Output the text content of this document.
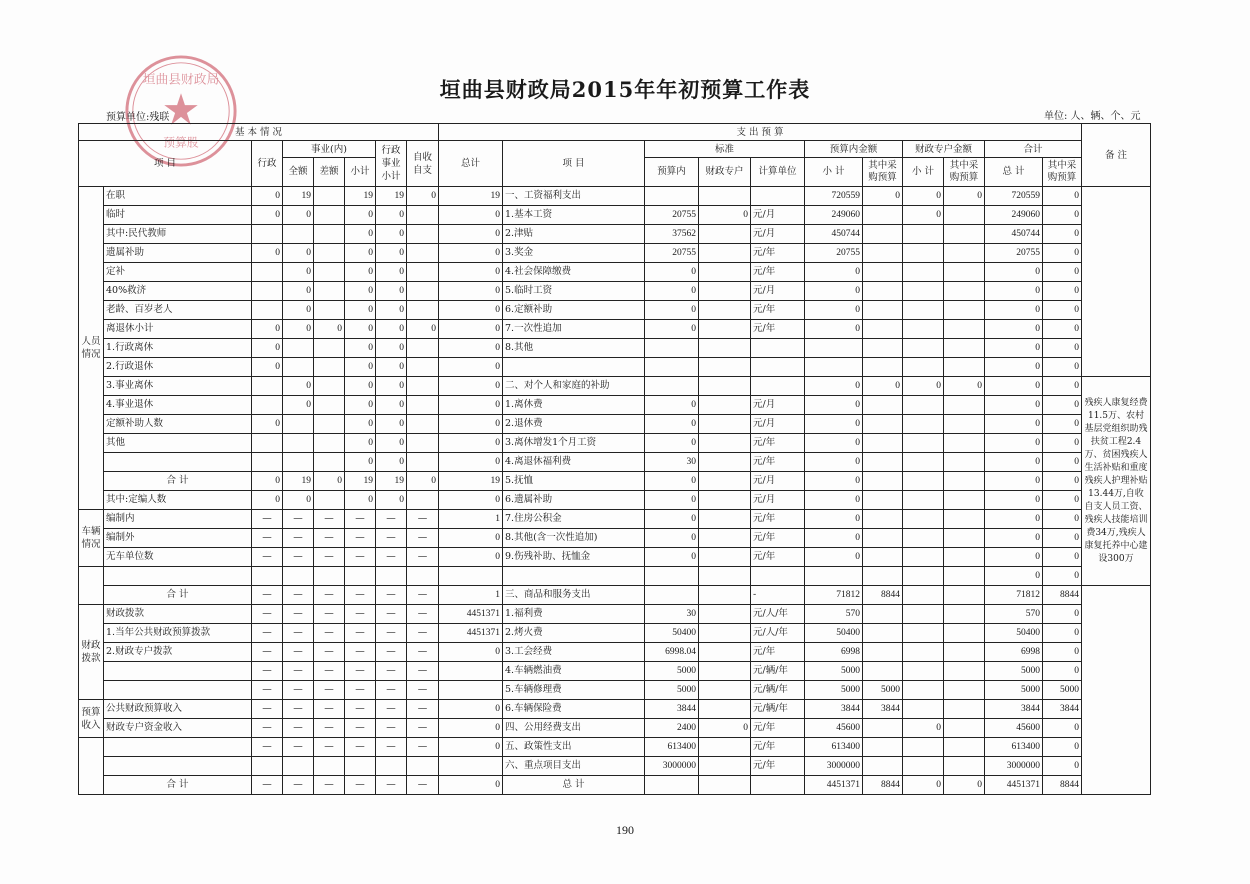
垣曲县财政局
预算股
垣曲县财政局2015年年初预算工作表
预算单位:残联	单位: 人、辆、个、元
基 本 情 况								支 出 预 算											备 注
项 目		行政	事业(内)			行政事业小计	自收自支	总计	项 目	标准			预算内金额		财政专户金额		合计		
			全额	差额	小计					预算内	财政专户	计算单位	小 计	其中采购预算	小 计	其中采购预算	总 计	其中采购预算	
人员情况	在职	0	19		19	19	0	19	一、工资福利支出				720559	0	0	0	720559	0	
	临时	0	0		0	0		0	1.基本工资	20755	0	元/月	249060		0		249060	0	
	其中:民代教师				0	0		0	2.津贴	37562		元/月	450744				450744	0	
	遗属补助	0	0		0	0		0	3.奖金	20755		元/年	20755				20755	0	
	定补		0		0	0		0	4.社会保障缴费	0		元/年	0				0	0	
	40%救济		0		0	0		0	5.临时工资	0		元/月	0				0	0	
	老龄、百岁老人		0		0	0		0	6.定额补助	0		元/年	0				0	0	
	离退休小计	0	0	0	0	0	0	0	7.一次性追加	0		元/年	0				0	0	
	1.行政离休	0			0	0		0	8.其他								0	0	
	2.行政退休	0			0	0		0									0	0	
	3.事业离休		0		0	0		0	二、对个人和家庭的补助				0	0	0	0	0	0	残疾人康复经费11.5万、农村基层党组织助残扶贫工程2.4万、贫困残疾人生活补贴和重度残疾人护理补贴13.44万,自收自支人员工资、残疾人技能培训费34万,残疾人康复托养中心建设300万
	4.事业退休		0		0	0		0	1.离休费	0		元/月	0				0	0	
	定额补助人数	0			0	0		0	2.退休费	0		元/月	0				0	0	
	其他				0	0		0	3.离休增发1个月工资	0		元/年	0				0	0	
					0	0		0	4.离退休福利费	30		元/年	0				0	0	
	合 计	0	19	0	19	19	0	19	5.抚恤	0		元/月	0				0	0	
	其中:定编人数	0	0		0	0		0	6.遗属补助	0		元/月	0				0	0	
车辆情况	编制内	—	—	—	—	—	—	1	7.住房公积金	0		元/年	0				0	0	
	编制外	—	—	—	—	—	—	0	8.其他(含一次性追加)	0		元/年	0				0	0	
	无车单位数	—	—	—	—	—	—	0	9.伤残补助、抚恤金	0		元/年	0				0	0	
																	0	0	
	合 计	—	—	—	—	—	—	1	三、商品和服务支出			-	71812	8844			71812	8844	
财政拨款	财政拨款	—	—	—	—	—	—	4451371	1.福利费	30		元/人/年	570				570	0	
	1.当年公共财政预算拨款	—	—	—	—	—	—	4451371	2.烤火费	50400		元/人/年	50400				50400	0	
	2.财政专户拨款	—	—	—	—	—	—	0	3.工会经费	6998.04		元/年	6998				6998	0	
		—	—	—	—	—	—		4.车辆燃油费	5000		元/辆/年	5000				5000	0	
		—	—	—	—	—	—		5.车辆修理费	5000		元/辆/年	5000	5000			5000	5000	
预算收入	公共财政预算收入	—	—	—	—	—	—	0	6.车辆保险费	3844		元/辆/年	3844	3844			3844	3844	
	财政专户资金收入	—	—	—	—	—	—	0	四、公用经费支出	2400	0	元/年	45600		0		45600	0	
		—	—	—	—	—	—	0	五、政策性支出	613400		元/年	613400				613400	0	
									六、重点项目支出	3000000		元/年	3000000				3000000	0	
	合 计	—	—	—	—	—	—	0	总 计				4451371	8844	0	0	4451371	8844	
190
